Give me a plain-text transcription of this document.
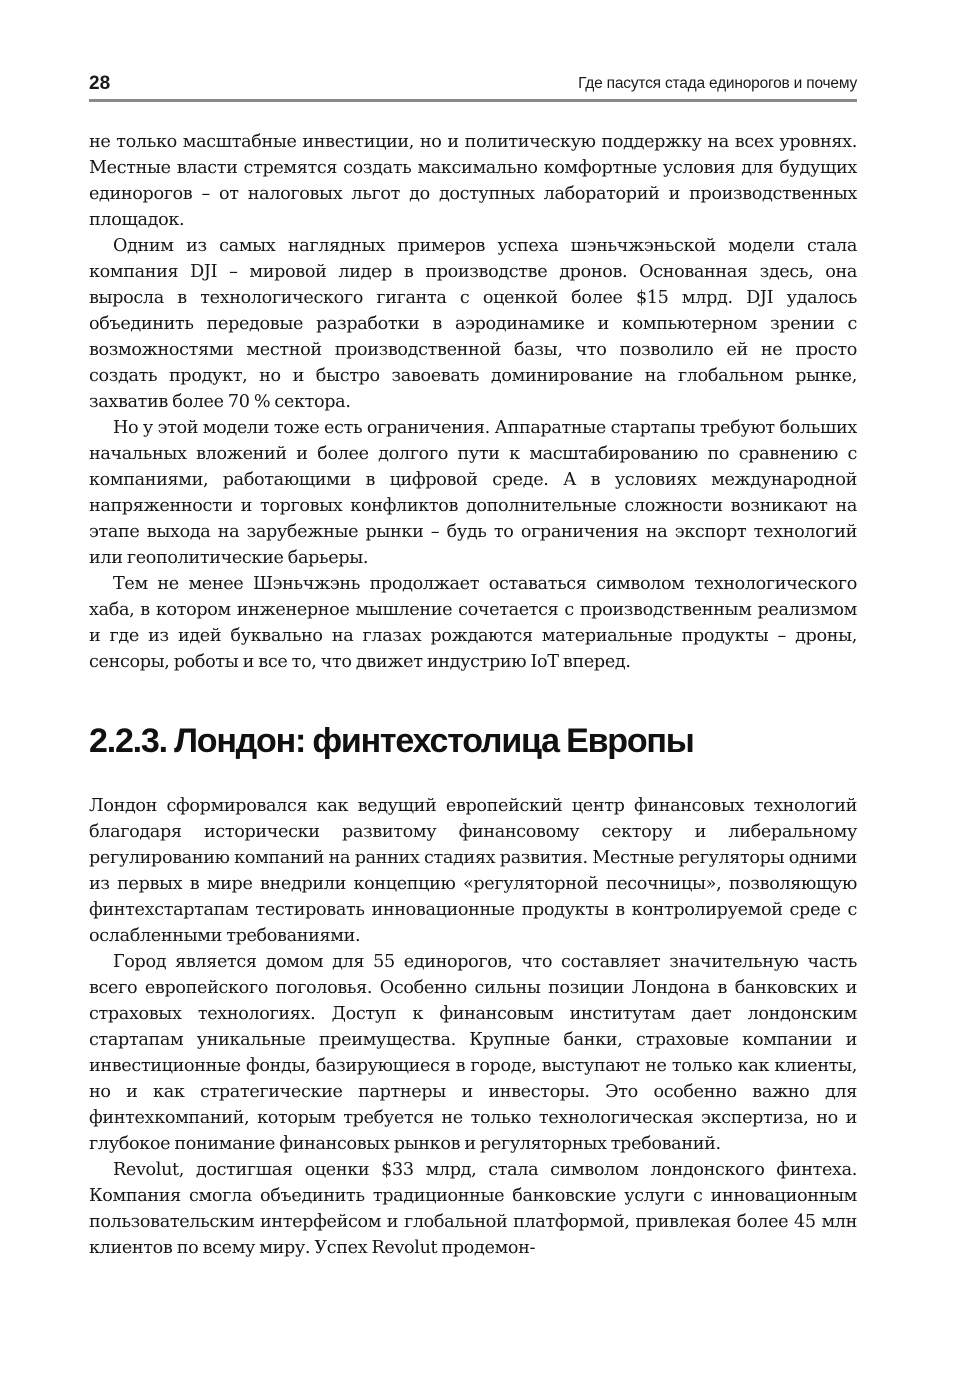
28	Где пасутся стада единорогов и почему

не только масштабные инвестиции, но и политическую поддержку на всех уровнях. Местные власти стремятся создать максимально комфортные условия для будущих единорогов – от налоговых льгот до доступных лабораторий и производственных площадок.

Одним из самых наглядных примеров успеха шэньчжэньской модели стала компания DJI – мировой лидер в производстве дронов. Основанная здесь, она выросла в технологического гиганта с оценкой более $15 млрд. DJI удалось объединить передовые разработки в аэродинамике и компьютерном зрении с возможностями местной производственной базы, что позволило ей не просто создать продукт, но и быстро завоевать доминирование на глобальном рынке, захватив более 70 % сектора.

Но у этой модели тоже есть ограничения. Аппаратные стартапы требуют больших начальных вложений и более долгого пути к масштабированию по сравнению с компаниями, работающими в цифровой среде. А в условиях международной напряженности и торговых конфликтов дополнительные сложности возникают на этапе выхода на зарубежные рынки – будь то ограничения на экспорт технологий или геополитические барьеры.

Тем не менее Шэньчжэнь продолжает оставаться символом технологического хаба, в котором инженерное мышление сочетается с производственным реализмом и где из идей буквально на глазах рождаются материальные продукты – дроны, сенсоры, роботы и все то, что движет индустрию IoT вперед.

2.2.3. Лондон: финтехстолица Европы

Лондон сформировался как ведущий европейский центр финансовых технологий благодаря исторически развитому финансовому сектору и либеральному регулированию компаний на ранних стадиях развития. Местные регуляторы одними из первых в мире внедрили концепцию «регуляторной песочницы», позволяющую финтехстартапам тестировать инновационные продукты в контролируемой среде с ослабленными требованиями.

Город является домом для 55 единорогов, что составляет значительную часть всего европейского поголовья. Особенно сильны позиции Лондона в банковских и страховых технологиях. Доступ к финансовым институтам дает лондонским стартапам уникальные преимущества. Крупные банки, страховые компании и инвестиционные фонды, базирующиеся в городе, выступают не только как клиенты, но и как стратегические партнеры и инвесторы. Это особенно важно для финтехкомпаний, которым требуется не только технологическая экспертиза, но и глубокое понимание финансовых рынков и регуляторных требований.

Revolut, достигшая оценки $33 млрд, стала символом лондонского финтеха. Компания смогла объединить традиционные банковские услуги с инновационным пользовательским интерфейсом и глобальной платформой, привлекая более 45 млн клиентов по всему миру. Успех Revolut продемон-
